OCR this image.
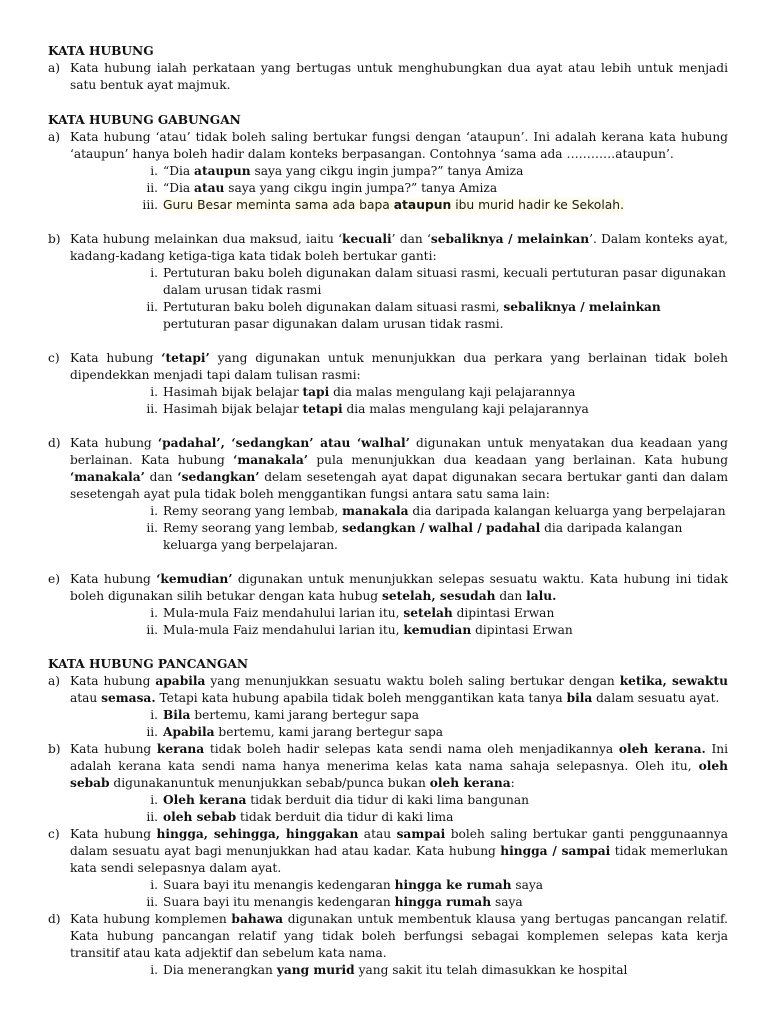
KATA HUBUNG

a) Kata hubung ialah perkataan yang bertugas untuk menghubungkan dua ayat atau lebih untuk menjadi satu bentuk ayat majmuk.

KATA HUBUNG GABUNGAN

a) Kata hubung ‘atau’ tidak boleh saling bertukar fungsi dengan ‘ataupun’. Ini adalah kerana kata hubung ‘ataupun’ hanya boleh hadir dalam konteks berpasangan. Contohnya ‘sama ada …………ataupun’.
i. “Dia ataupun saya yang cikgu ingin jumpa?” tanya Amiza
ii. “Dia atau saya yang cikgu ingin jumpa?” tanya Amiza
iii. Guru Besar meminta sama ada bapa ataupun ibu murid hadir ke Sekolah.
b) Kata hubung melainkan dua maksud, iaitu ‘kecuali’ dan ‘sebaliknya / melainkan’. Dalam konteks ayat, kadang-kadang ketiga-tiga kata tidak boleh bertukar ganti:
i. Pertuturan baku boleh digunakan dalam situasi rasmi, kecuali pertuturan pasar digunakan dalam urusan tidak rasmi
ii. Pertuturan baku boleh digunakan dalam situasi rasmi, sebaliknya / melainkan pertuturan pasar digunakan dalam urusan tidak rasmi.
c) Kata hubung ‘tetapi’ yang digunakan untuk menunjukkan dua perkara yang berlainan tidak boleh dipendekkan menjadi tapi dalam tulisan rasmi:
i. Hasimah bijak belajar tapi dia malas mengulang kaji pelajarannya
ii. Hasimah bijak belajar tetapi dia malas mengulang kaji pelajarannya
d) Kata hubung ‘padahal’, ‘sedangkan’ atau ‘walhal’ digunakan untuk menyatakan dua keadaan yang berlainan. Kata hubung ‘manakala’ pula menunjukkan dua keadaan yang berlainan. Kata hubung ‘manakala’ dan ‘sedangkan’ delam sesetengah ayat dapat digunakan secara bertukar ganti dan dalam sesetengah ayat pula tidak boleh menggantikan fungsi antara satu sama lain:
i. Remy seorang yang lembab, manakala dia daripada kalangan keluarga yang berpelajaran
ii. Remy seorang yang lembab, sedangkan / walhal / padahal dia daripada kalangan keluarga yang berpelajaran.
e) Kata hubung ‘kemudian’ digunakan untuk menunjukkan selepas sesuatu waktu. Kata hubung ini tidak boleh digunakan silih betukar dengan kata hubug setelah, sesudah dan lalu.
i. Mula-mula Faiz mendahului larian itu, setelah dipintasi Erwan
ii. Mula-mula Faiz mendahului larian itu, kemudian dipintasi Erwan

KATA HUBUNG PANCANGAN

a) Kata hubung apabila yang menunjukkan sesuatu waktu boleh saling bertukar dengan ketika, sewaktu atau semasa. Tetapi kata hubung apabila tidak boleh menggantikan kata tanya bila dalam sesuatu ayat.
i. Bila bertemu, kami jarang bertegur sapa
ii. Apabila bertemu, kami jarang bertegur sapa
b) Kata hubung kerana tidak boleh hadir selepas kata sendi nama oleh menjadikannya oleh kerana. Ini adalah kerana kata sendi nama hanya menerima kelas kata nama sahaja selepasnya. Oleh itu, oleh sebab digunakanuntuk menunjukkan sebab/punca bukan oleh kerana:
i. Oleh kerana tidak berduit dia tidur di kaki lima bangunan
ii. oleh sebab tidak berduit dia tidur di kaki lima
c) Kata hubung hingga, sehingga, hinggakan atau sampai boleh saling bertukar ganti penggunaannya dalam sesuatu ayat bagi menunjukkan had atau kadar. Kata hubung hingga / sampai tidak memerlukan kata sendi selepasnya dalam ayat.
i. Suara bayi itu menangis kedengaran hingga ke rumah saya
ii. Suara bayi itu menangis kedengaran hingga rumah saya
d) Kata hubung komplemen bahawa digunakan untuk membentuk klausa yang bertugas pancangan relatif. Kata hubung pancangan relatif yang tidak boleh berfungsi sebagai komplemen selepas kata kerja transitif atau kata adjektif dan sebelum kata nama.
i. Dia menerangkan yang murid yang sakit itu telah dimasukkan ke hospital
